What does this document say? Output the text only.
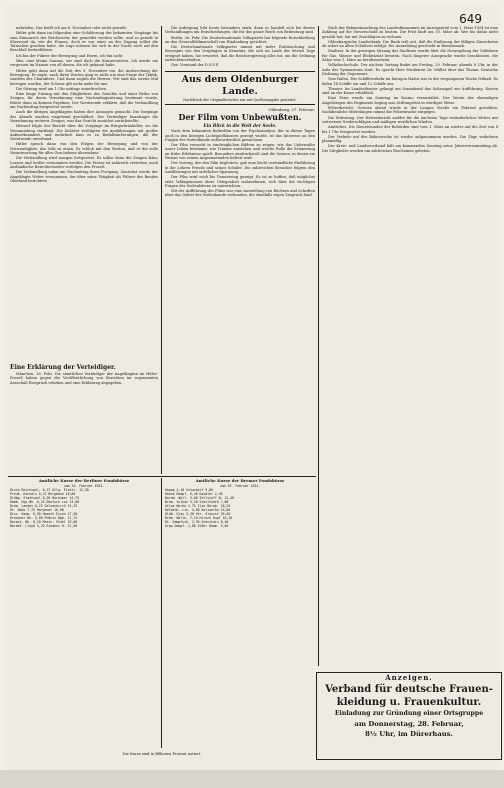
649

nahrlofen. Das heißt ich am 8. November oder nicht gewußt.

Hitler gibt dann im folgenden eine Schilderung der bekannten Vorgänge bis zum Einmarsch der Reichswehr, der gemeldet werden sollte, und so gerade in Sherwood da, wie die Frauen, doch er von einer an der Zugang selbst die Tatsachen gesehen habe, die Lage müssen Sie sich in der Nacht noch auf den Beschluß herbeiführen.

Ich bin der Führer der Bewegung und Herrn, ich bin nicht

Was, eine kleine Summe, wir sind doch die Konservativen. Ich werde nie vergessen im Namen von all denen, die ich gekannt habe.

Hitler geht dann auf die Zeit des 9. November ein, die Ausbrechung der Bewegung. Er sagte, nach ihren Worten ging es nicht um eine Frage der Taktik, sondern des Charakters. Und dann sagten die Herren: Wir sind das zweite Mal betrogen worden, der Schwur gilt nicht mehr für uns.

Die Sitzung wird um 1 Uhr mittags unterbrochen.

Eine lange Sitzung mit den Mitgliedern des Gerichts und einer Reihe von Zeugen, für deren Vernehmung eine Nachmittagssitzung bestimmt wurde, führte dann zu keinem Ergebnis. Der Vorsitzende erklärte, daß die Verhandlung am Nachmittag fortgesetzt werde.

Auch die übrigen Angeklagten haben ihre Aussagen gemacht. Die Vorgänge des Abends wurden eingehend geschildert. Der Verteidiger beantragte die Vernehmung weiterer Zeugen, was das Gericht zunächst zurückstellte.

Hierauf folgte der Bericht über die Vorgänge im Bürgerbräukeller, wo die Versammlung stattfand. Die Zuhörer verfolgten die Ausführungen mit großer Aufmerksamkeit, und mehrfach kam es zu Beifallsäußerungen, die der Vorsitzende unterband.

Hitler sprach dann von den Folgen der Bewegung und von der Notwendigkeit, das Volk zu einen. Er schloß mit den Worten, daß er die volle Verantwortung für alles Geschehene übernehme.

Die Verhandlung wird morgen fortgesetzt. Es sollen dann die Zeugen Kahr, Lossow und Seißer vernommen werden. Die Presse ist zahlreich vertreten; auch ausländische Berichterstatter verfolgen den Prozeß.

Die Verhandlung nahm am Nachmittag ihren Fortgang. Zunächst wurde der Angeklagte Weber vernommen, der über seine Tätigkeit als Führer des Bundes Oberland berichtete.

Eine Erklärung der Verteidiger.

München, 26. Febr. Die sämtlichen Verteidiger der Angeklagten im Hitler-Prozeß haben gegen die Veröffentlichung von Berichten im sogenannten Ausschuß Einspruch erhoben und eine Erklärung abgegeben.

Die Aufregung lebt heute besonders stark, denn es handelt sich bei diesen Verhandlungen um Entscheidungen, die für das ganze Reich von Bedeutung sind.

Berlin, 26. Febr. Die Deutschnationale Volkspartei hat folgende Entschließung an den Generalfeldmarschall von Hindenburg gerichtet.

Die Deutschnationale Volkspartei nimmt mit tiefer Enttäuschung und Besorgnis von den Vorgängen in Kenntnis, die sich im Laufe der letzten Tage ereignet haben. Sie erwartet, daß die Reichsregierung alles tut, um die Ordnung aufrechtzuerhalten.

Gez. Vorstand der D.N.V.P.

Aus dem Oldenburger Lande.
Nachdruck der Originalberichte nur mit Quellenangabe gestattet.
Oldenburg, 27. Februar.
Der Film vom Unbewußten.
Ein Blick in die Welt der Seele.

Nach dem bekannten Kulturfilm von der Psychoanalyse, der in diesen Tagen auch in den hiesigen Lichtspielhäusern gezeigt wurde, ist das Interesse an den Fragen der Seelenkunde außerordentlich gewachsen.

Der Film versucht in eindringlichen Bildern zu zeigen, wie das Unbewußte unser Leben bestimmt, wie Träume entstehen und welche Rolle die Erinnerung an frühe Erlebnisse spielt. Besonders eindrucksvoll sind die Szenen, in denen ein Patient von seinen Angstzuständen befreit wird.

Der Vortrag, der den Film begleitete, gab eine leicht verständliche Einführung in die Lehren Freuds und seiner Schüler. Die zahlreichen Besucher folgten den Ausführungen mit sichtlicher Spannung.

Der Film wird noch bis Donnerstag gezeigt. Es ist zu hoffen, daß möglichst viele Volksgenossen diese Gelegenheit wahrnehmen, sich über die wichtigen Fragen des Seelenlebens zu unterrichten.

Mit der Aufführung des Films war eine Ausstellung von Büchern und Schriften über das Gebiet der Seelenkunde verbunden, die ebenfalls regen Zuspruch fand.

Nach der Bekanntmachung des Landesfinanzamts im Anzeigenteil vom 1. März 1924 ist eine Zahlung auf die Steuerschuld zu leisten. Die Frist läuft am 10. März ab. Wer bis dahin nicht gezahlt hat, hat mit Zuschlägen zu rechnen.

Oldenburgische Landesbank. Die Bank teilt mit, daß die Einlösung der fälligen Zinsscheine ab sofort an allen Schaltern erfolgt. Die Auszahlung geschieht in Rentenmark.

Stadtrat. In der gestrigen Sitzung des Stadtrats wurde über die Neuregelung der Gebühren für Gas, Wasser und Elektrizität beraten. Nach längerer Aussprache wurde beschlossen, die Sätze vom 1. März an herabzusetzen.

Volkshochschule. Der nächste Vortrag findet am Freitag, 29. Februar, abends 8 Uhr, in der Aula des Gymnasiums statt. Es spricht Herr Studienrat Dr. Müller über das Thema: Deutsche Dichtung der Gegenwart.

Vom Hafen. Der Schiffsverkehr im hiesigen Hafen war in der vergangenen Woche lebhaft. Es liefen 14 Schiffe ein und 12 Schiffe aus.

Theater. Im Landestheater gelangt am Sonnabend das Schauspiel zur Aufführung. Karten sind an der Kasse erhältlich.

Eine Feier wurde am Sonntag im Kasino veranstaltet. Der Verein der ehemaligen Angehörigen des Regiments beging sein Stiftungsfest in würdiger Weise.

Polizeibericht. Gestern abend wurde in der Langen Straße ein Fahrrad gestohlen. Sachdienliche Mitteilungen nimmt die Polizeiwache entgegen.

Die Witterung. Der Wetterbericht meldet für die nächsten Tage veränderliches Wetter mit zeitweisen Niederschlägen und mäßigen westlichen Winden.

Amtliches. Die Dienststunden der Behörden sind vom 1. März an wieder auf die Zeit von 8 bis 1 Uhr festgesetzt worden.

Der Verkehr auf der Bahnstrecke ist wieder aufgenommen worden. Die Züge verkehren planmäßig.

Der Kreis- und Landesverband hält am kommenden Sonntag seine Jahresversammlung ab. Die Mitglieder werden um zahlreiches Erscheinen gebeten.

Amtliche Kurse der Berliner Fondsbörse
vom 26. Februar 1924.
Disch.Reichsanl. 0,17 Allg. Elektr. 12,50
Preuß. Konsols 0,13 Bergmann 18,00
Oldbg. Staatsanl 0,20 Bochumer 14,75
Hamb. Hyp.Bk. 0,25 Deutsch Lux 13,00
Brem. Landes 0,22 Gelsenkirch 15,25
Dt. Bank 7,75 Harpener 16,00
Disc. Komm. 6,50 Hoesch Eisen 17,50
Dresdner Bk. 5,80 Phönix Bgb. 11,75
Darmst. Bk. 8,10 Rhein. Stahl 19,00
Norddt. Lloyd 3,25 Siemens H. 21,50
Amtliche Kurse der Bremer Fondsbörse
vom 26. Februar 1924.
Hapag 4,10 Schuckert 9,80
Hansa Dampf. 6,40 Daimler 2,90
Nordd. Woll. 3,80 Zellstoff W. 12,40
Brem. Vulkan 5,20 Schultheiß 7,60
Atlas Werke 2,75 Ilse Bergb. 18,25
Delmenh. Lin. 4,60 Kaliwerke 16,80
Oldb. Glas 3,30 Ver. Glanzst 26,00
Brem. Wollk. 7,10 Hirsch Kupf 10,20
Dt. Dampfsch. 2,95 Orenstein 8,40
Argo Dampf. 1,80 Stöhr Kamm. 9,60
Die Kurse sind in Billionen Prozent notiert.
Anzeigen.
Verband für deutsche Frauen-
kleidung u. Frauenkultur.
Einladung zur Gründung einer Ortsgruppe
am Donnerstag, 28. Februar,
8½ Uhr, im Dürerhaus.
